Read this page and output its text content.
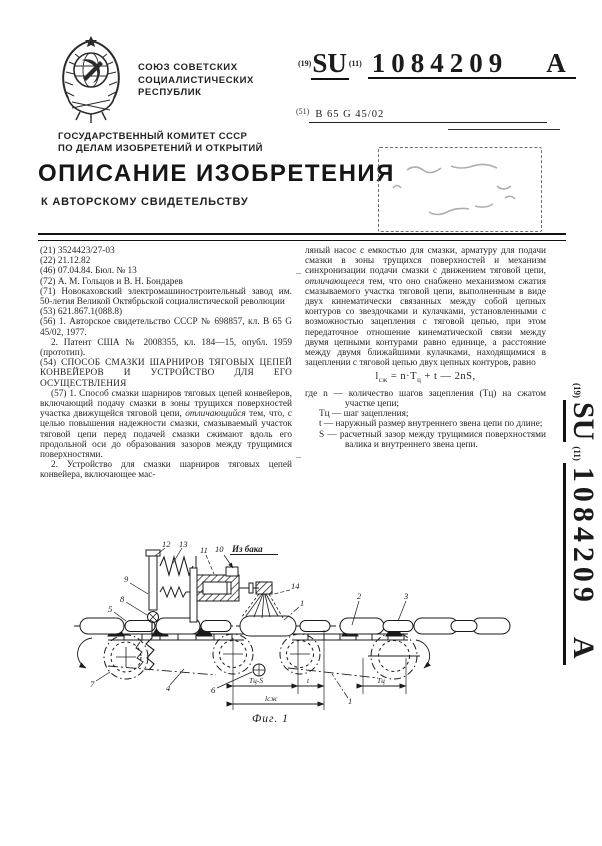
СОЮЗ СОВЕТСКИХ
СОЦИАЛИСТИЧЕСКИХ
РЕСПУБЛИК
ГОСУДАРСТВЕННЫЙ КОМИТЕТ СССР
ПО ДЕЛАМ ИЗОБРЕТЕНИЙ И ОТКРЫТИЙ
$^{(19)}$SU $^{(11)}$ 1084209 A
(51) В 65 G 45/02
ОПИСАНИЕ ИЗОБРЕТЕНИЯ
К АВТОРСКОМУ СВИДЕТЕЛЬСТВУ

(21) 3524423/27-03

(22) 21.12.82

(46) 07.04.84. Бюл. № 13

(72) А. М. Гольцов и В. Н. Бондарев

(71) Новокаховский электромашиностроительный завод им. 50-летия Великой Октябрьской социалистической революции

(53) 621.867.1(088.8)

(56) 1. Авторское свидетельство СССР № 698857, кл. В 65 G 45/02, 1977.

2. Патент США № 2008355, кл. 184—15, опубл. 1959 (прототип).

(54) СПОСОБ СМАЗКИ ШАРНИРОВ ТЯГОВЫХ ЦЕПЕЙ КОНВЕЙЕРОВ И УСТРОЙСТВО ДЛЯ ЕГО ОСУЩЕСТВЛЕНИЯ

(57) 1. Способ смазки шарниров тяговых цепей конвейеров, включающий подачу смазки в зоны трущихся поверхностей участка движущейся тяговой цепи, отличающийся тем, что, с целью повышения надежности смазки, смазываемый участок тяговой цепи перед подачей смазки сжимают вдоль его продольной оси до образования зазоров между трущимися поверхностями.

2. Устройство для смазки шарниров тяговых цепей конвейера, включающее мас-

ляный насос с емкостью для смазки, арматуру для подачи смазки в зоны трущихся поверхностей и механизм синхронизации подачи смазки с движением тяговой цепи, отличающееся тем, что оно снабжено механизмом сжатия смазываемого участка тяговой цепи, выполненным в виде двух кинематически связанных между собой цепных контуров со звездочками и кулачками, установленными с возможностью зацепления с тяговой цепью, при этом передаточное отношение кинематической связи между двумя цепными контурами равно единице, а расстояние между двумя ближайшими кулачками, находящимися в зацеплении с тяговой цепью двух цепных контуров, равно

$l_{сж} = n\cdot Т_ц + t$ — 2nS,

где n — количество шагов зацепления (Тц) на сжатом участке цепи;

Тц — шаг зацепления;

t — наружный размер внутреннего звена цепи по длине;

S — расчетный зазор между трущимися поверхностями валика и внутреннего звена цепи.

(19)
SU
(11)
1084209A
12 13
11 10 Из бака
9
8
5
14
1
2	3
7	4	6
1
Тц-S	t
lсж
Тц
Фиг. 1
